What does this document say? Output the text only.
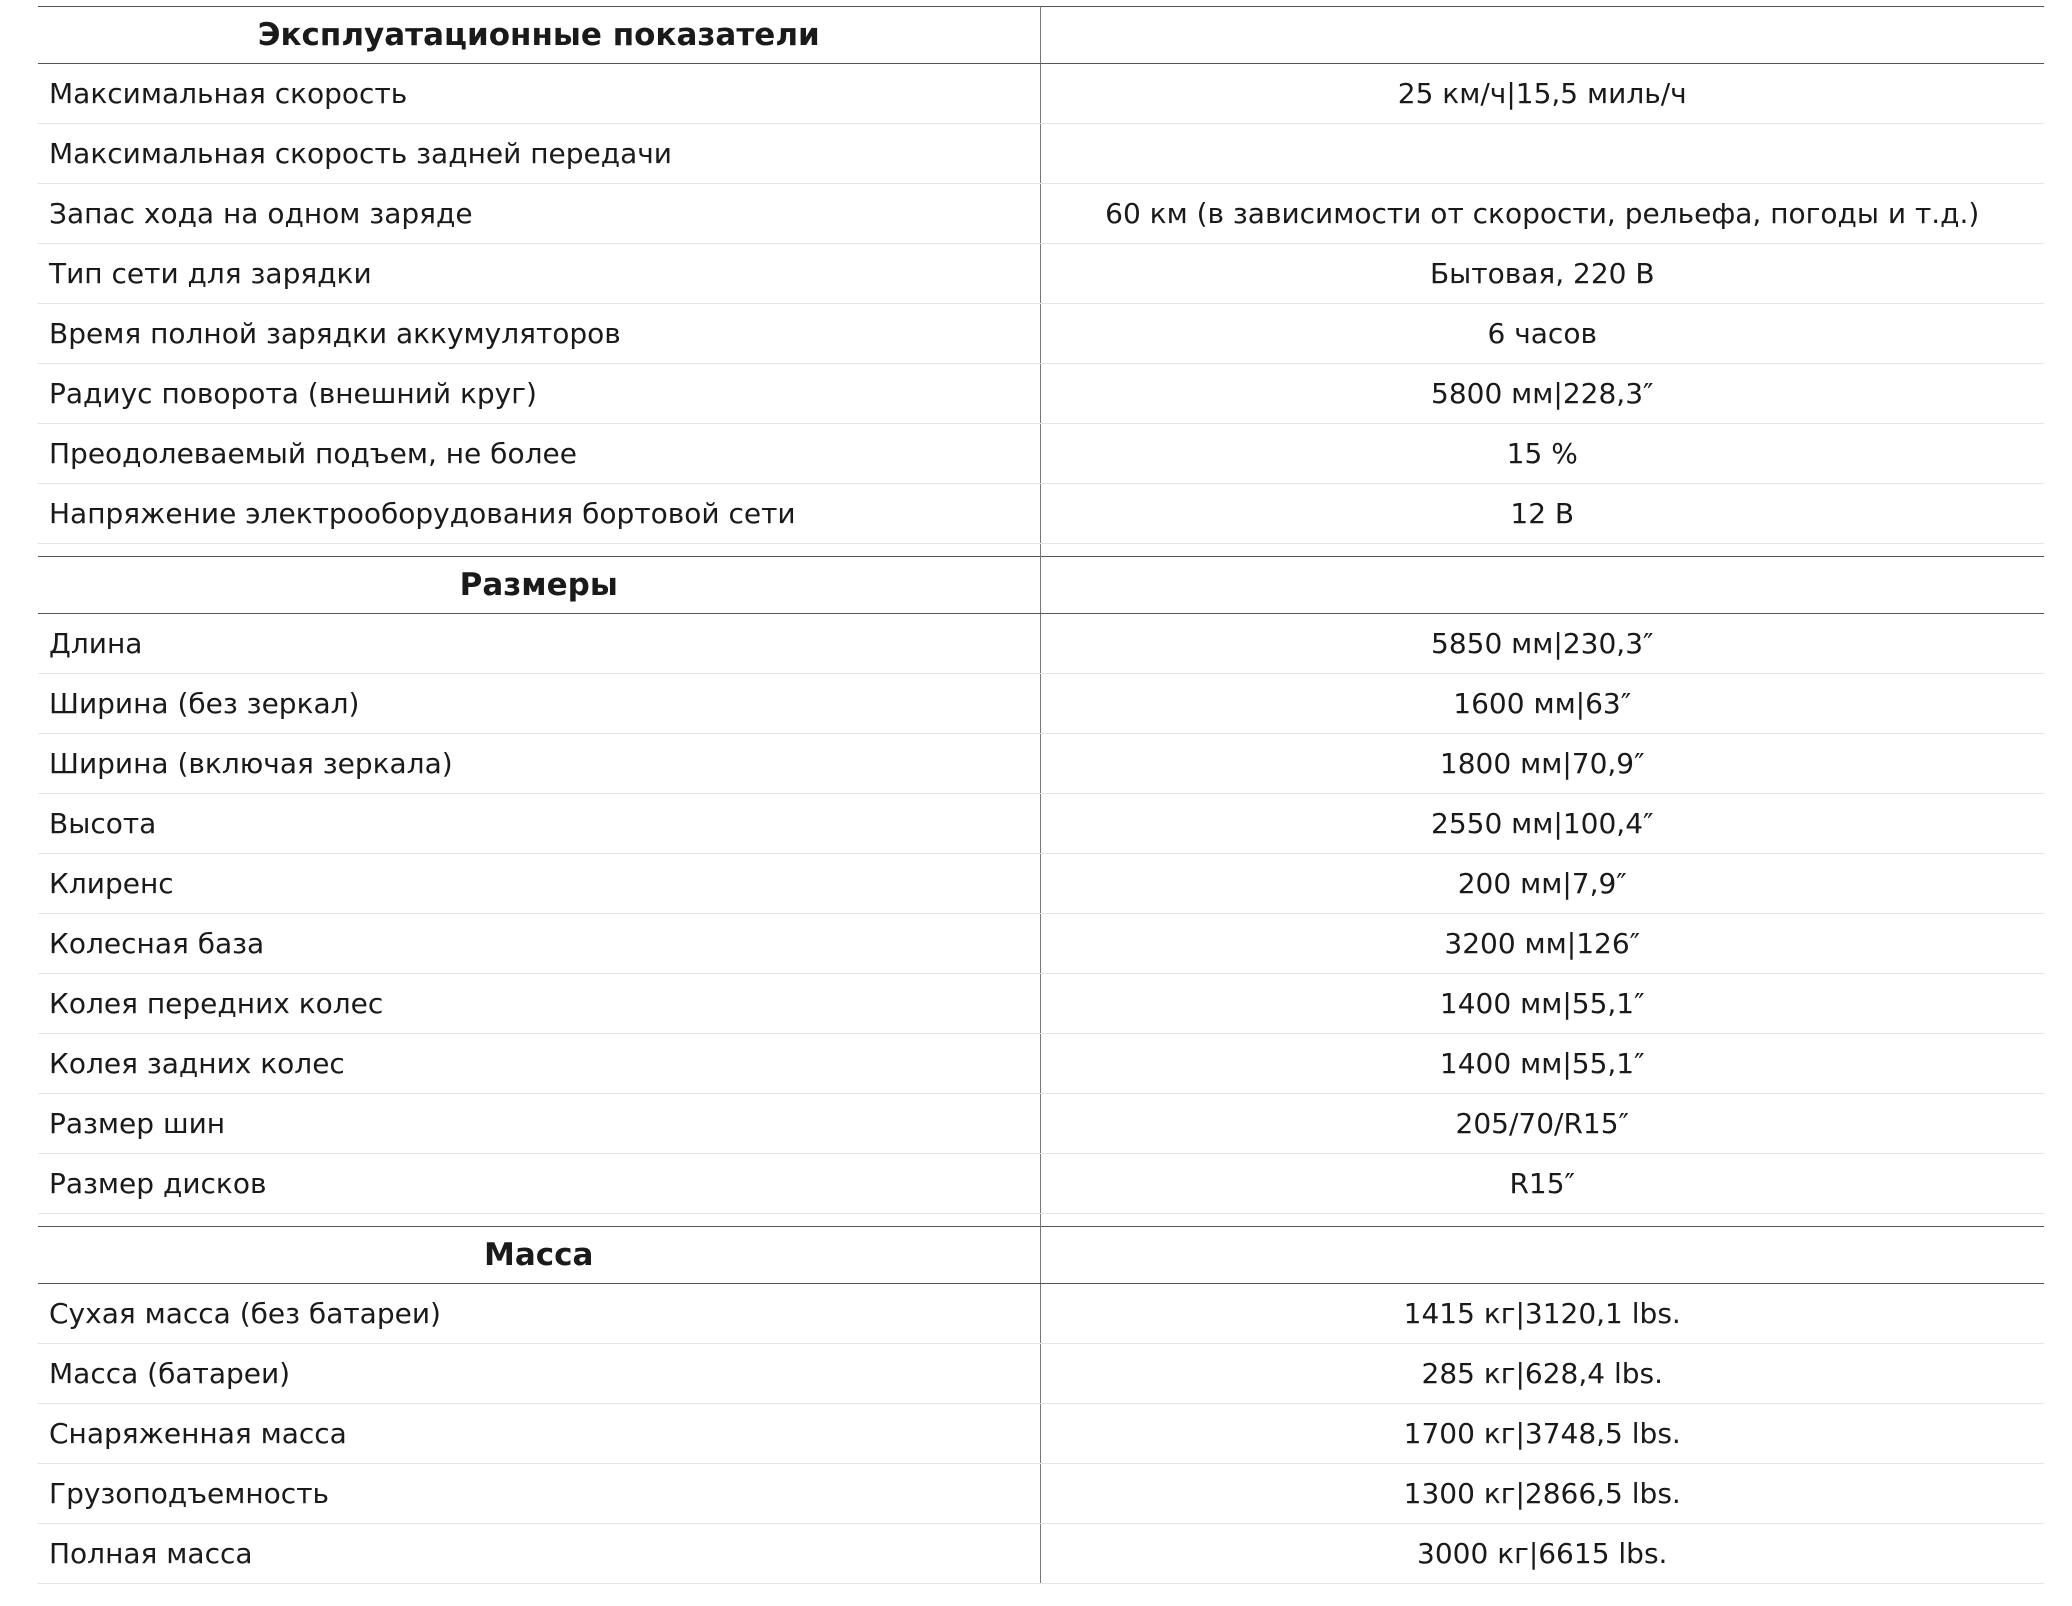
Эксплуатационные показатели	
Максимальная скорость	25 км/ч|15,5 миль/ч
Максимальная скорость задней передачи	
Запас хода на одном заряде	60 км (в зависимости от скорости, рельефа, погоды и т.д.)
Тип сети для зарядки	Бытовая, 220 В
Время полной зарядки аккумуляторов	6 часов
Радиус поворота (внешний круг)	5800 мм|228,3″
Преодолеваемый подъем, не более	15 %
Напряжение электрооборудования бортовой сети	12 В

Размеры	
Длина	5850 мм|230,3″
Ширина (без зеркал)	1600 мм|63″
Ширина (включая зеркала)	1800 мм|70,9″
Высота	2550 мм|100,4″
Клиренс	200 мм|7,9″
Колесная база	3200 мм|126″
Колея передних колес	1400 мм|55,1″
Колея задних колес	1400 мм|55,1″
Размер шин	205/70/R15″
Размер дисков	R15″

Масса	
Сухая масса (без батареи)	1415 кг|3120,1 lbs.
Масса (батареи)	285 кг|628,4 lbs.
Снаряженная масса	1700 кг|3748,5 lbs.
Грузоподъемность	1300 кг|2866,5 lbs.
Полная масса	3000 кг|6615 lbs.
